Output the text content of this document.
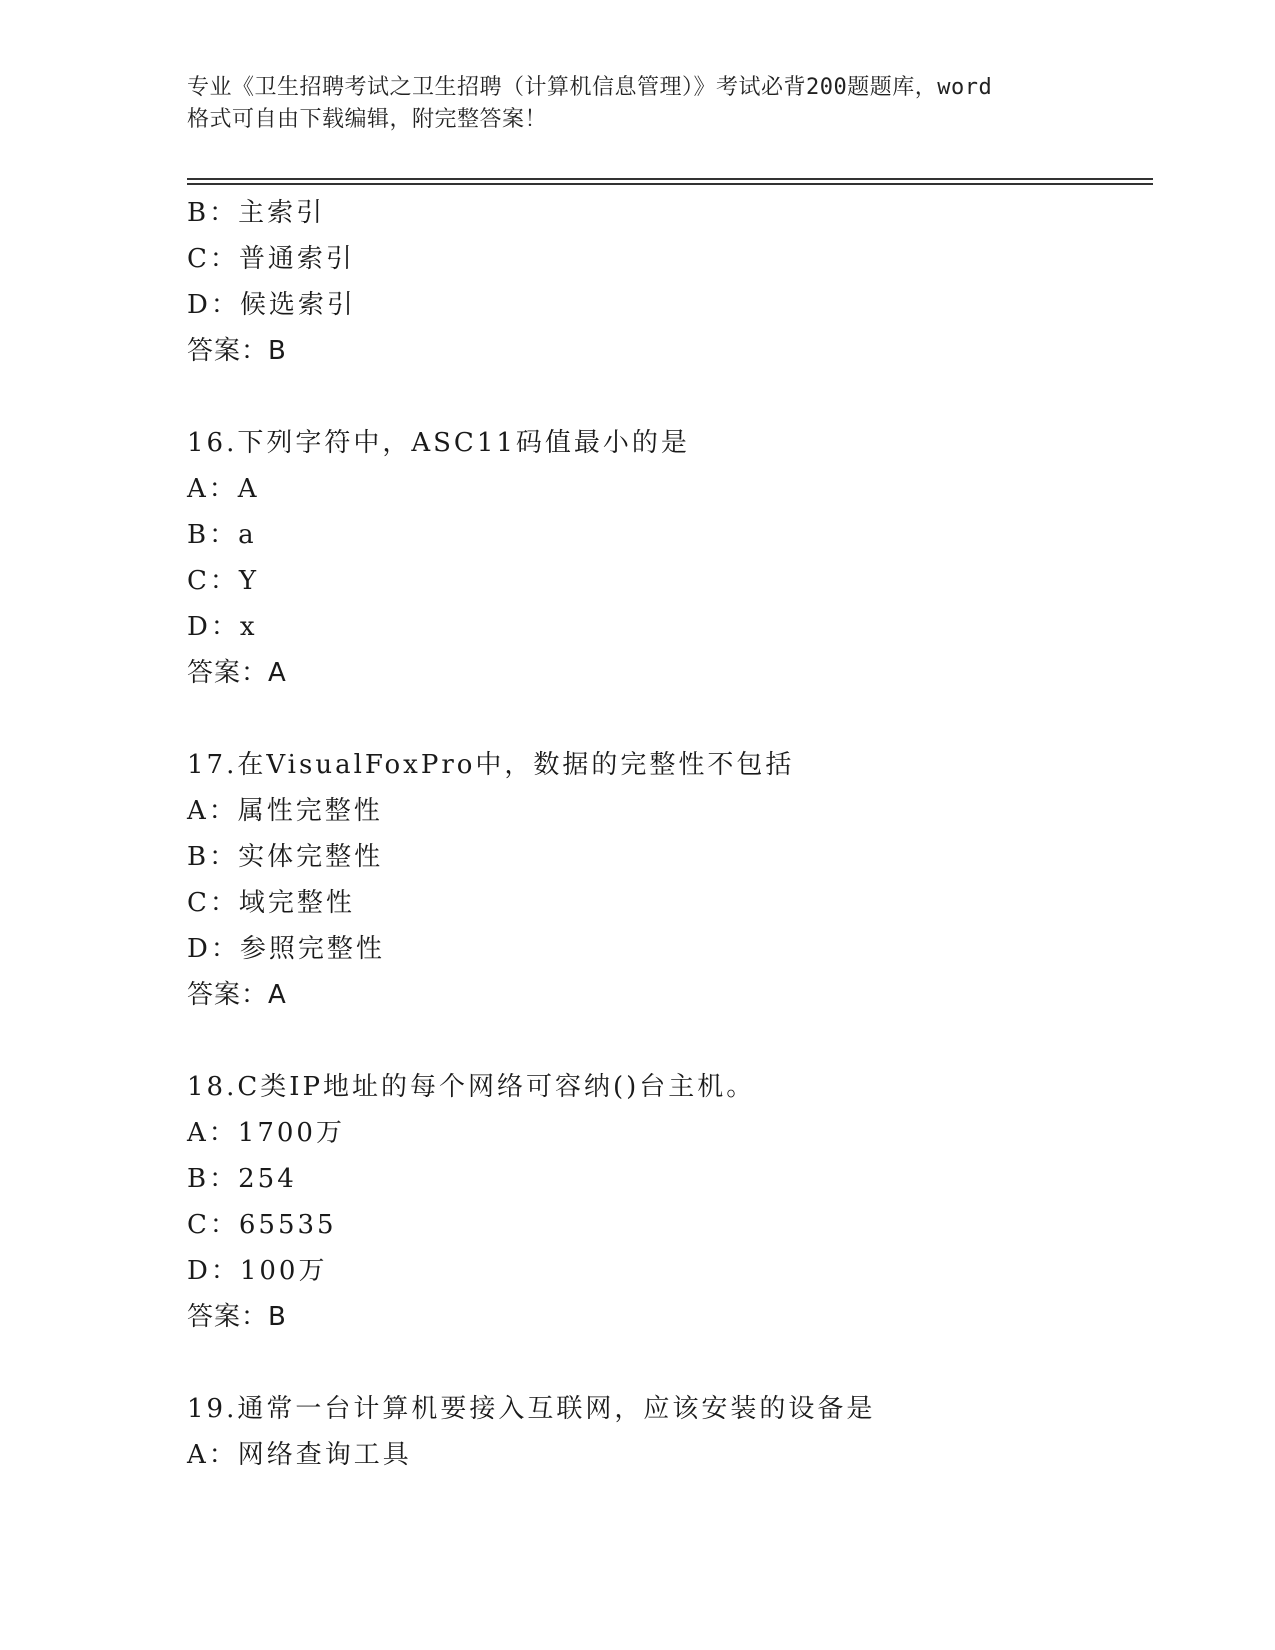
专业《卫生招聘考试之卫生招聘（计算机信息管理）》考试必背200题题库，word
格式可自由下载编辑，附完整答案！
B：主索引
C：普通索引
D：候选索引
答案：B
16.下列字符中，ASC11码值最小的是
A：A
B：a
C：Y
D：x
答案：A
17.在VisualFoxPro中，数据的完整性不包括
A：属性完整性
B：实体完整性
C：域完整性
D：参照完整性
答案：A
18.C类IP地址的每个网络可容纳()台主机。
A：1700万
B：254
C：65535
D：100万
答案：B
19.通常一台计算机要接入互联网，应该安装的设备是
A：网络查询工具
